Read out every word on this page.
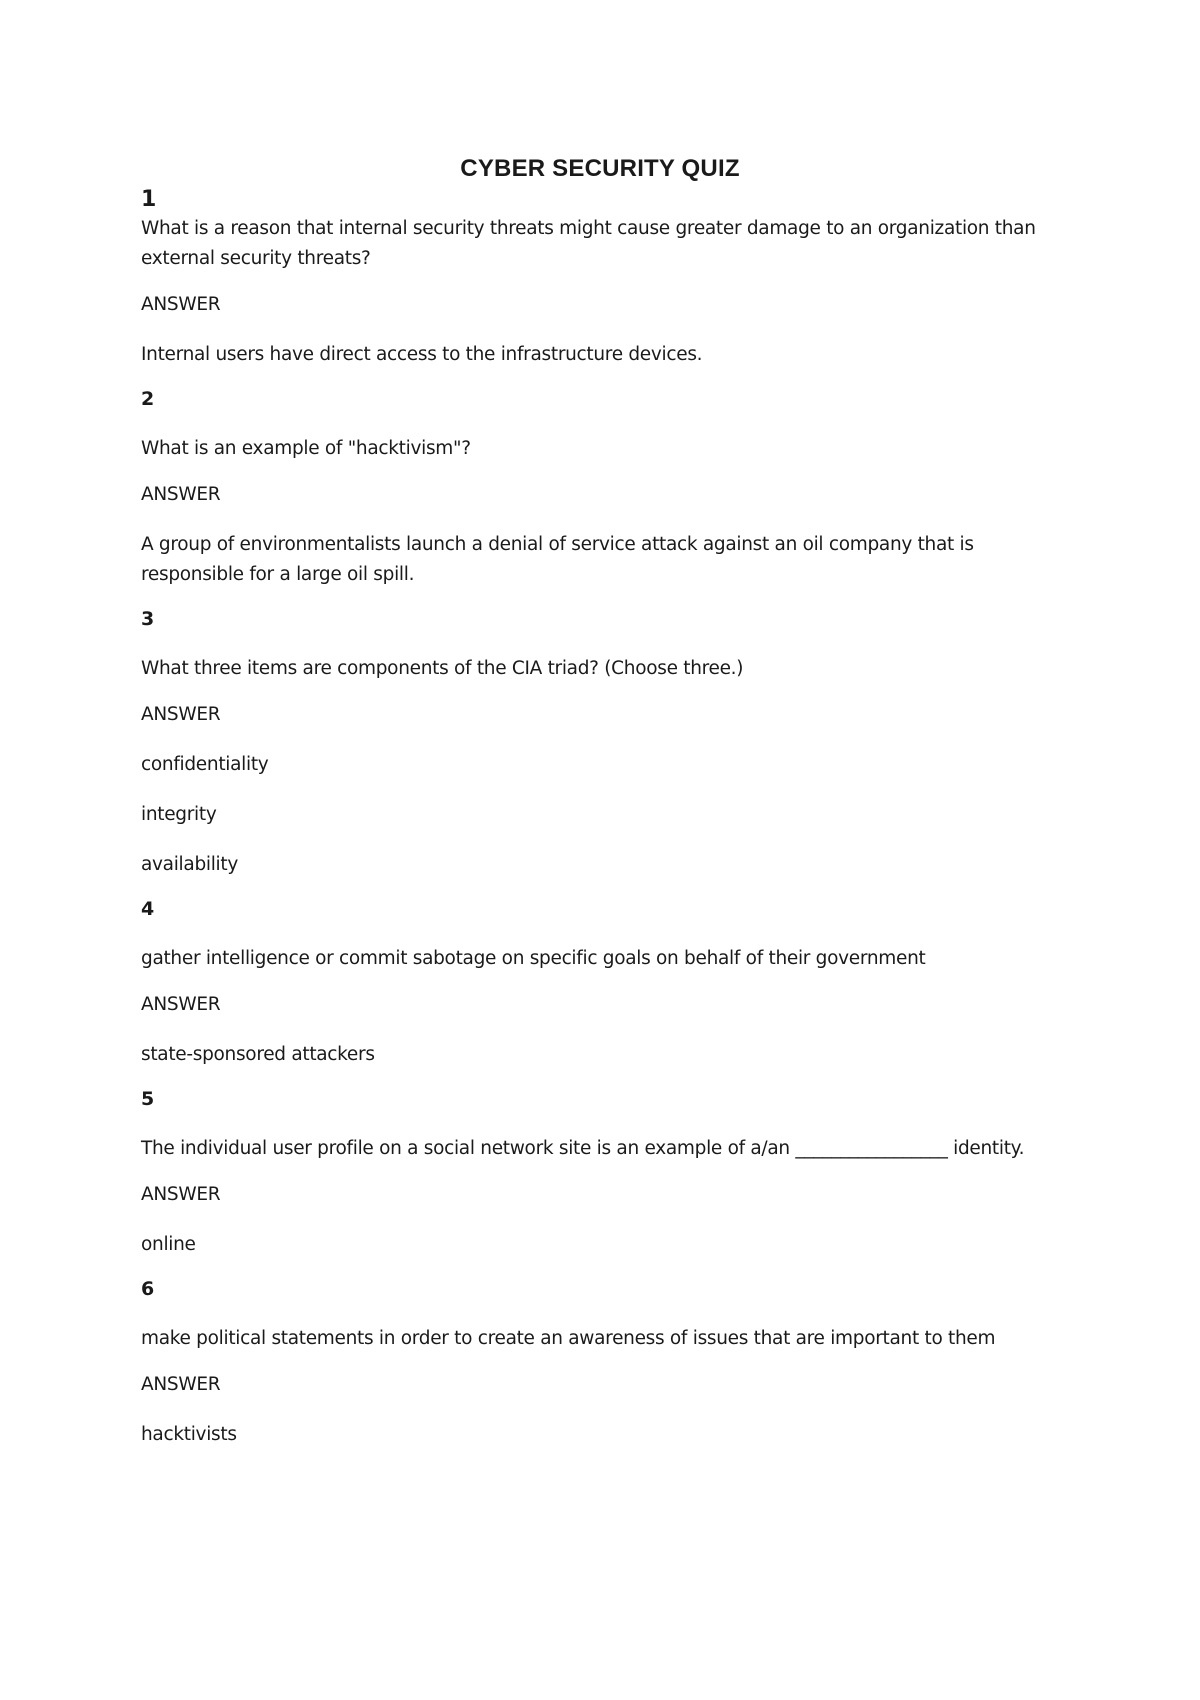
CYBER SECURITY QUIZ
1
What is a reason that internal security threats might cause greater damage to an organization than external security threats?
ANSWER
Internal users have direct access to the infrastructure devices.
2
What is an example of "hacktivism"?
ANSWER
A group of environmentalists launch a denial of service attack against an oil company that is responsible for a large oil spill.
3
What three items are components of the CIA triad? (Choose three.)
ANSWER
confidentiality
integrity
availability
4
gather intelligence or commit sabotage on specific goals on behalf of their government
ANSWER
state-sponsored attackers
5
The individual user profile on a social network site is an example of a/an _________________ identity.
ANSWER
online
6
make political statements in order to create an awareness of issues that are important to them
ANSWER
hacktivists
